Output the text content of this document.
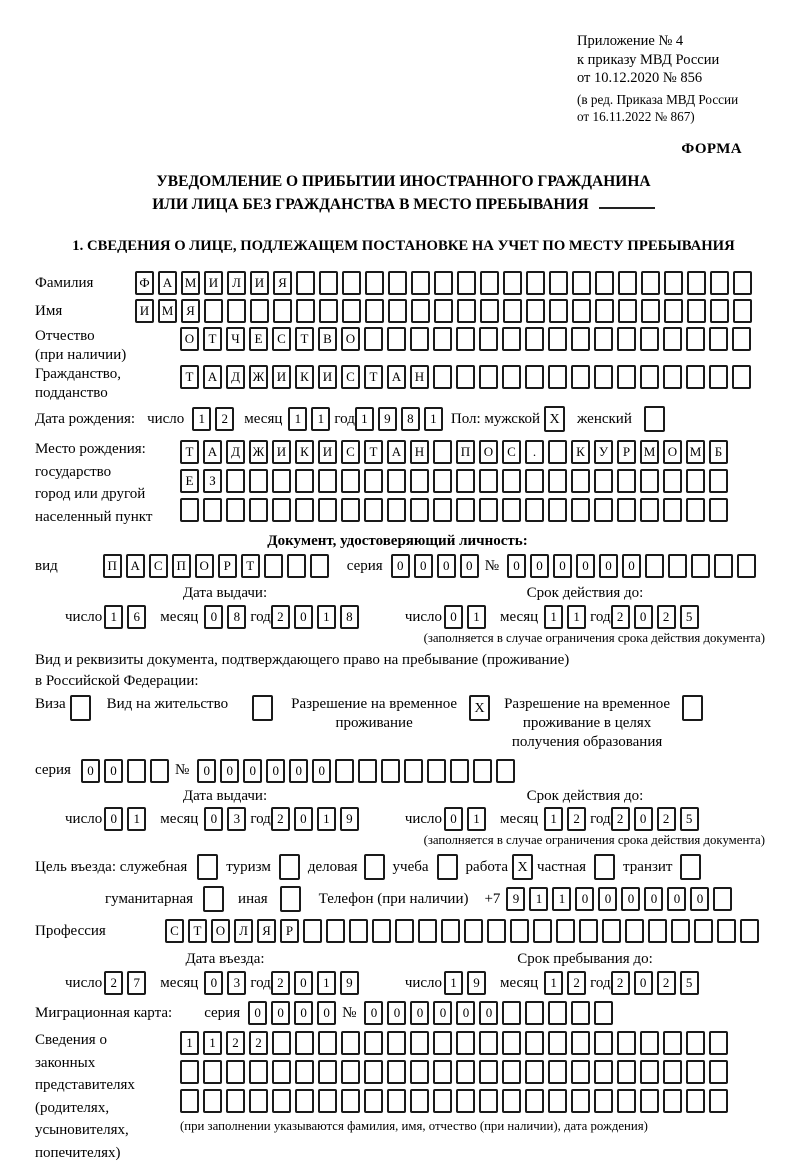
Приложение № 4
к приказу МВД России
от 10.12.2020 № 856
(в ред. Приказа МВД России
от 16.11.2022 № 867)
ФОРМА
УВЕДОМЛЕНИЕ О ПРИБЫТИИ ИНОСТРАННОГО ГРАЖДАНИНА
ИЛИ ЛИЦА БЕЗ ГРАЖДАНСТВА В МЕСТО ПРЕБЫВАНИЯ
1. СВЕДЕНИЯ О ЛИЦЕ, ПОДЛЕЖАЩЕМ ПОСТАНОВКЕ НА УЧЕТ ПО МЕСТУ ПРЕБЫВАНИЯ
Фамилия	Ф	А М И	Л	И	Я
Имя	И М Я
Отчество
(при наличии)
О	Т	Ч	Е	С	Т	В	О
Гражданство,
подданство
Т	А	Д Ж И	К	И	С	Т	А	Н
Дата рождения: число	1	2	месяц 1	1 год 1	9	8	1 Пол: мужской X	женский
Место рождения:
государство
город или другой
населенный пункт
Т	А	Д Ж И	К	И	С	Т	А	Н	П	О	С	.	К	У	Р	М О М	Б
Е	З
Документ, удостоверяющий личность:
вид	П	А	С	П	О	Р	Т	серия	0	0	0	0 №	0	0	0	0	0	0
Дата выдачи:	Срок действия до:
число 1	6	месяц 0	8 год 2	0	1	8	число 0	1	месяц 1	1 год 2	0	2	5
(заполняется в случае ограничения срока действия документа)
Вид и реквизиты документа, подтверждающего право на пребывание (проживание)
в Российской Федерации:
Виза	Вид на жительство	Разрешение на временное
проживание
X	Разрешение на временное
проживание в целях
получения образования
серия	0	0	№	0	0	0	0	0	0
Дата выдачи:	Срок действия до:
число 0	1	месяц 0	3 год 2	0	1	9	число 0	1	месяц 1	2 год 2	0	2	5
(заполняется в случае ограничения срока действия документа)
Цель въезда: служебная	туризм деловая учеба работа X частная транзит
гуманитарная	иная	Телефон (при наличии) +7 9	1	1	0	0	0	0	0	0
Профессия	С	Т	О	Л	Я	Р
Дата въезда:	Срок пребывания до:
число 2	7	месяц 0	3 год 2	0	1	9	число 1	9	месяц 1	2 год 2	0	2	5
Миграционная карта: серия	0	0	0	0 №	0	0	0	0	0	0
Сведения о
законных
представителях
(родителях,
усыновителях,
попечителях)
1	1	2	2
(при заполнении указываются фамилия, имя, отчество (при наличии), дата рождения)
